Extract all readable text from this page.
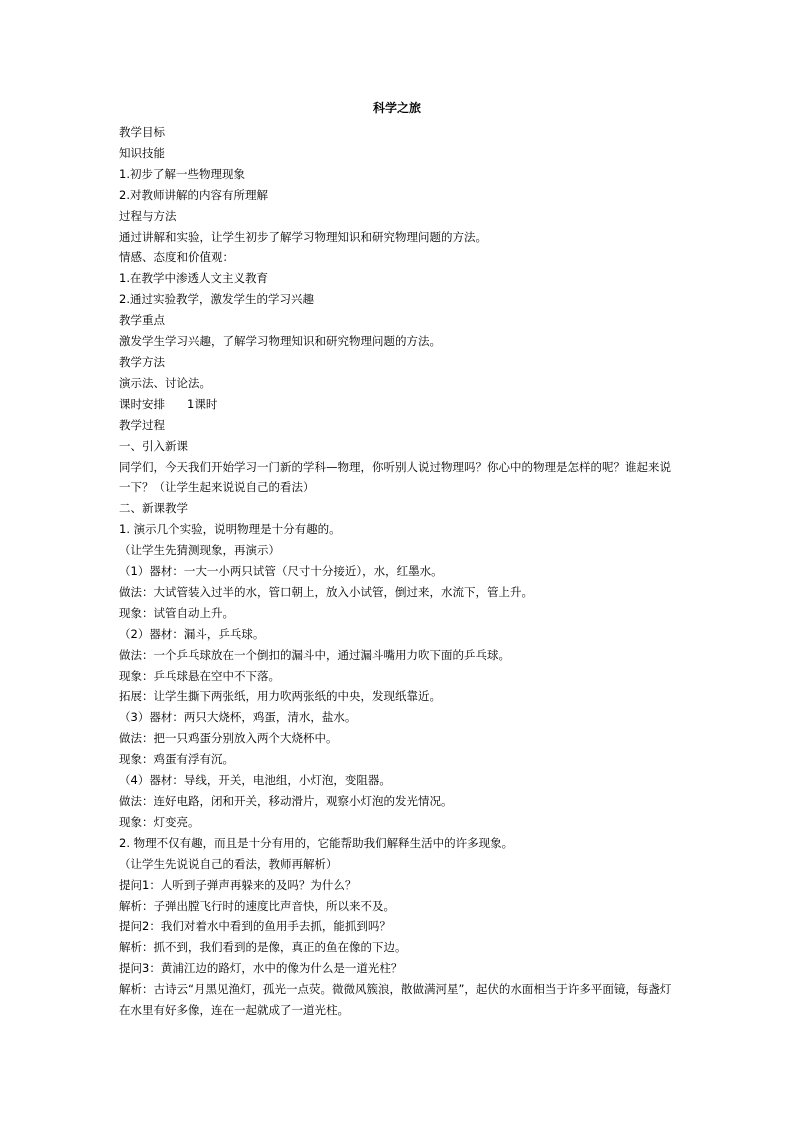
科学之旅
教学目标
知识技能
1.初步了解一些物理现象
2.对教师讲解的内容有所理解
过程与方法
通过讲解和实验，让学生初步了解学习物理知识和研究物理问题的方法。
情感、态度和价值观：
1.在教学中渗透人文主义教育
2.通过实验教学，激发学生的学习兴趣
教学重点
激发学生学习兴趣，了解学习物理知识和研究物理问题的方法。
教学方法
演示法、讨论法。
课时安排 1课时
教学过程
一、引入新课
同学们，今天我们开始学习一门新的学科—物理，你听别人说过物理吗？你心中的物理是怎样的呢？谁起来说一下？（让学生起来说说自己的看法）
二、新课教学
1. 演示几个实验，说明物理是十分有趣的。
（让学生先猜测现象，再演示）
（1）器材：一大一小两只试管（尺寸十分接近），水，红墨水。
做法：大试管装入过半的水，管口朝上，放入小试管，倒过来，水流下，管上升。
现象：试管自动上升。
（2）器材：漏斗，乒乓球。
做法：一个乒乓球放在一个倒扣的漏斗中，通过漏斗嘴用力吹下面的乒乓球。
现象：乒乓球悬在空中不下落。
拓展：让学生撕下两张纸，用力吹两张纸的中央，发现纸靠近。
（3）器材：两只大烧杯，鸡蛋，清水，盐水。
做法：把一只鸡蛋分别放入两个大烧杯中。
现象：鸡蛋有浮有沉。
（4）器材：导线，开关，电池组，小灯泡，变阻器。
做法：连好电路，闭和开关，移动滑片，观察小灯泡的发光情况。
现象：灯变亮。
2. 物理不仅有趣，而且是十分有用的，它能帮助我们解释生活中的许多现象。
（让学生先说说自己的看法，教师再解析）
提问1：人听到子弹声再躲来的及吗？为什么？
解析：子弹出膛飞行时的速度比声音快，所以来不及。
提问2：我们对着水中看到的鱼用手去抓，能抓到吗？
解析：抓不到，我们看到的是像，真正的鱼在像的下边。
提问3：黄浦江边的路灯，水中的像为什么是一道光柱？
解析：古诗云“月黑见渔灯，孤光一点荧。微微风簇浪，散做满河星”，起伏的水面相当于许多平面镜，每盏灯在水里有好多像，连在一起就成了一道光柱。
